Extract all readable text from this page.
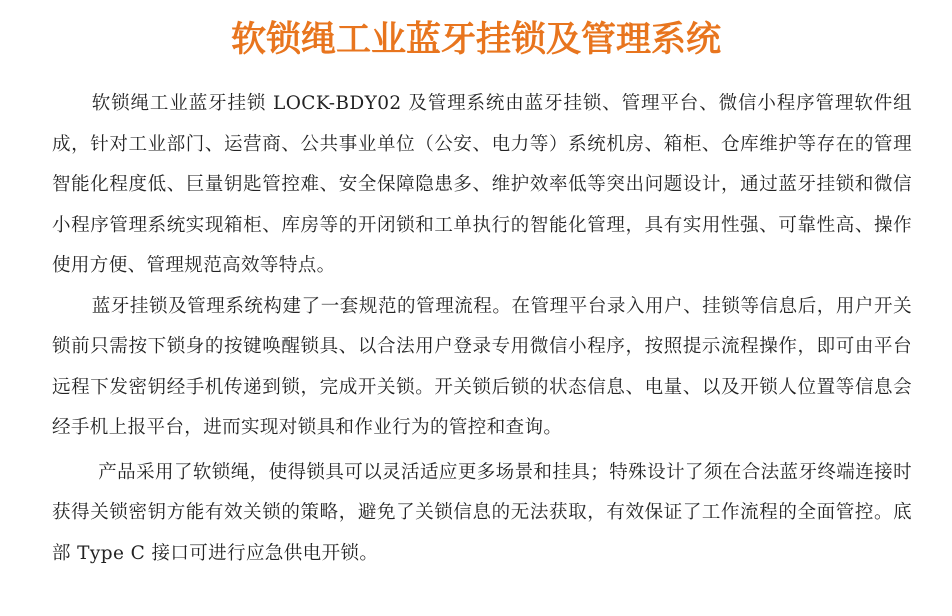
软锁绳工业蓝牙挂锁及管理系统

软锁绳工业蓝牙挂锁 LOCK-BDY02 及管理系统由蓝牙挂锁、管理平台、微信小程序管理软件组成，针对工业部门、运营商、公共事业单位（公安、电力等）系统机房、箱柜、仓库维护等存在的管理智能化程度低、巨量钥匙管控难、安全保障隐患多、维护效率低等突出问题设计，通过蓝牙挂锁和微信小程序管理系统实现箱柜、库房等的开闭锁和工单执行的智能化管理，具有实用性强、可靠性高、操作使用方便、管理规范高效等特点。

蓝牙挂锁及管理系统构建了一套规范的管理流程。在管理平台录入用户、挂锁等信息后，用户开关锁前只需按下锁身的按键唤醒锁具、以合法用户登录专用微信小程序，按照提示流程操作，即可由平台远程下发密钥经手机传递到锁，完成开关锁。开关锁后锁的状态信息、电量、以及开锁人位置等信息会经手机上报平台，进而实现对锁具和作业行为的管控和查询。

产品采用了软锁绳，使得锁具可以灵活适应更多场景和挂具；特殊设计了须在合法蓝牙终端连接时获得关锁密钥方能有效关锁的策略，避免了关锁信息的无法获取，有效保证了工作流程的全面管控。底部 Type C 接口可进行应急供电开锁。
